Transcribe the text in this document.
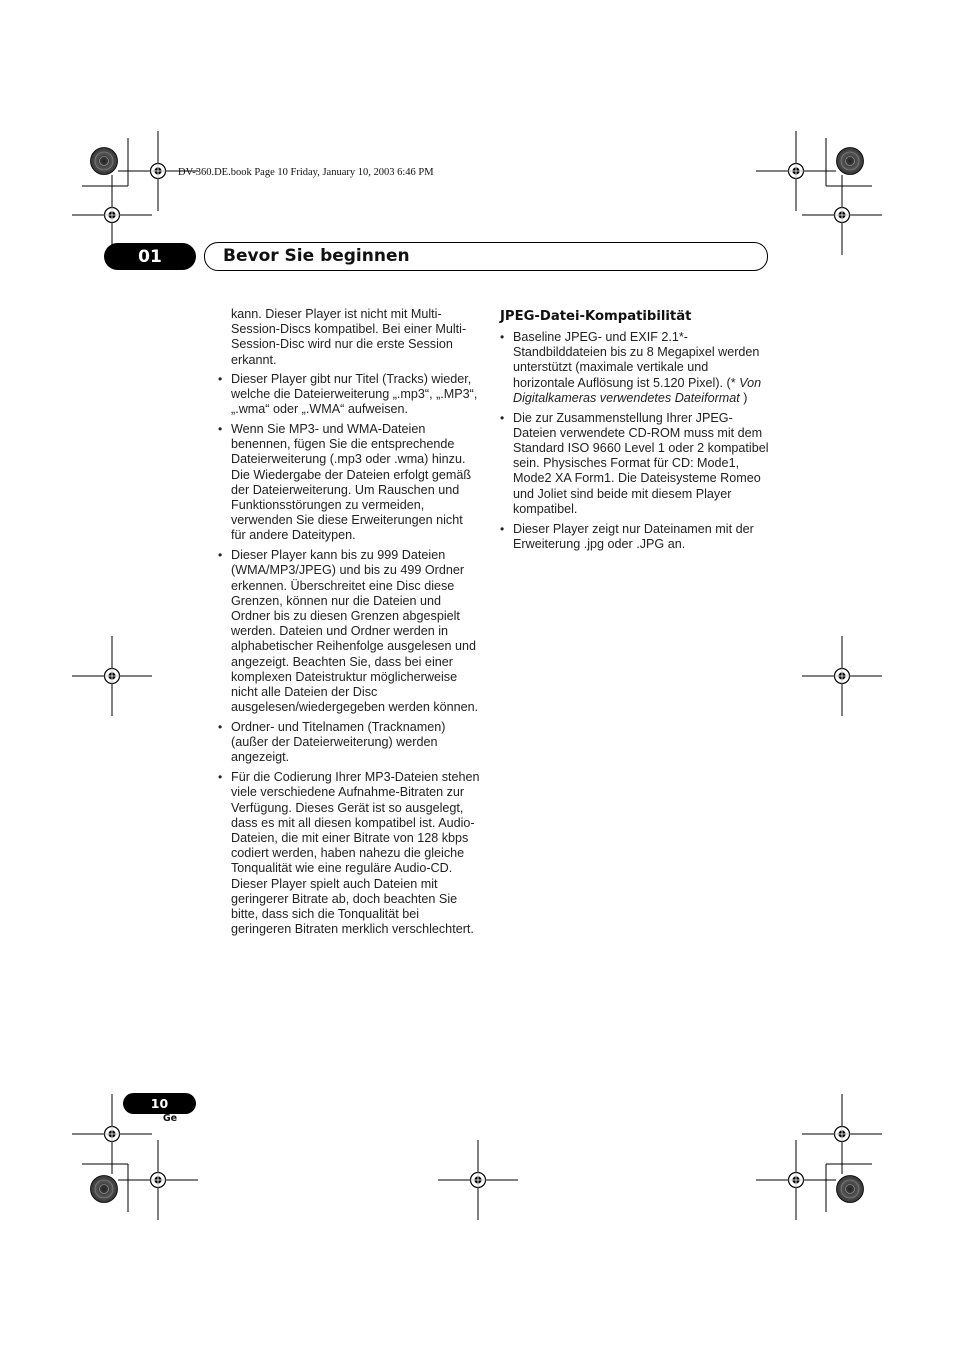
DV-360.DE.book Page 10 Friday, January 10, 2003 6:46 PM
01	Bevor Sie beginnen
kann. Dieser Player ist nicht mit Multi-Session-Discs kompatibel. Bei einer Multi-Session-Disc wird nur die erste Session erkannt.
• Dieser Player gibt nur Titel (Tracks) wieder, welche die Dateierweiterung „.mp3“, „.MP3“, „.wma“ oder „.WMA“ aufweisen.
• Wenn Sie MP3- und WMA-Dateien benennen, fügen Sie die entsprechende Dateierweiterung (.mp3 oder .wma) hinzu. Die Wiedergabe der Dateien erfolgt gemäß der Dateierweiterung. Um Rauschen und Funktionsstörungen zu vermeiden, verwenden Sie diese Erweiterungen nicht für andere Dateitypen.
• Dieser Player kann bis zu 999 Dateien (WMA/MP3/JPEG) und bis zu 499 Ordner erkennen. Überschreitet eine Disc diese Grenzen, können nur die Dateien und Ordner bis zu diesen Grenzen abgespielt werden. Dateien und Ordner werden in alphabetischer Reihenfolge ausgelesen und angezeigt. Beachten Sie, dass bei einer komplexen Dateistruktur möglicherweise nicht alle Dateien der Disc ausgelesen/wiedergegeben werden können.
• Ordner- und Titelnamen (Tracknamen) (außer der Dateierweiterung) werden angezeigt.
• Für die Codierung Ihrer MP3-Dateien stehen viele verschiedene Aufnahme-Bitraten zur Verfügung. Dieses Gerät ist so ausgelegt, dass es mit all diesen kompatibel ist. Audio-Dateien, die mit einer Bitrate von 128 kbps codiert werden, haben nahezu die gleiche Tonqualität wie eine reguläre Audio-CD. Dieser Player spielt auch Dateien mit geringerer Bitrate ab, doch beachten Sie bitte, dass sich die Tonqualität bei geringeren Bitraten merklich verschlechtert.
JPEG-Datei-Kompatibilität
• Baseline JPEG- und EXIF 2.1*-Standbilddateien bis zu 8 Megapixel werden unterstützt (maximale vertikale und horizontale Auflösung ist 5.120 Pixel). (* Von Digitalkameras verwendetes Dateiformat )
• Die zur Zusammenstellung Ihrer JPEG-Dateien verwendete CD-ROM muss mit dem Standard ISO 9660 Level 1 oder 2 kompatibel sein. Physisches Format für CD: Mode1, Mode2 XA Form1. Die Dateisysteme Romeo und Joliet sind beide mit diesem Player kompatibel.
• Dieser Player zeigt nur Dateinamen mit der Erweiterung .jpg oder .JPG an.
10
Ge
